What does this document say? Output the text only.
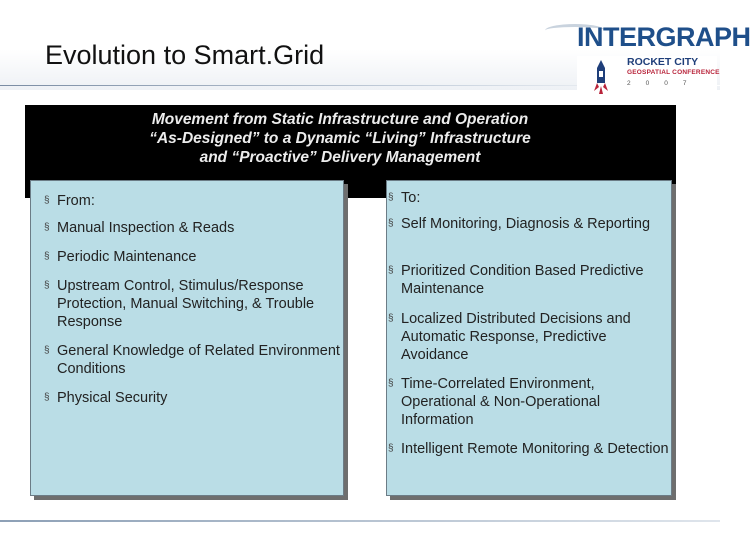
Evolution to Smart.Grid
INTERGRAPH
ROCKET CITY
GEOSPATIAL CONFERENCE
2007
Movement from Static Infrastructure and Operation
“As-Designed” to a Dynamic “Living” Infrastructure
and “Proactive” Delivery Management
§ From:
§ Manual Inspection & Reads
§ Periodic Maintenance
§ Upstream Control, Stimulus/Response Protection, Manual Switching, & Trouble Response
§ General Knowledge of Related Environment Conditions
§ Physical Security
§ To:
§ Self Monitoring, Diagnosis & Reporting
§ Prioritized Condition Based Predictive Maintenance
§ Localized Distributed Decisions and Automatic Response, Predictive Avoidance
§ Time-Correlated Environment, Operational & Non-Operational Information
§ Intelligent Remote Monitoring & Detection
